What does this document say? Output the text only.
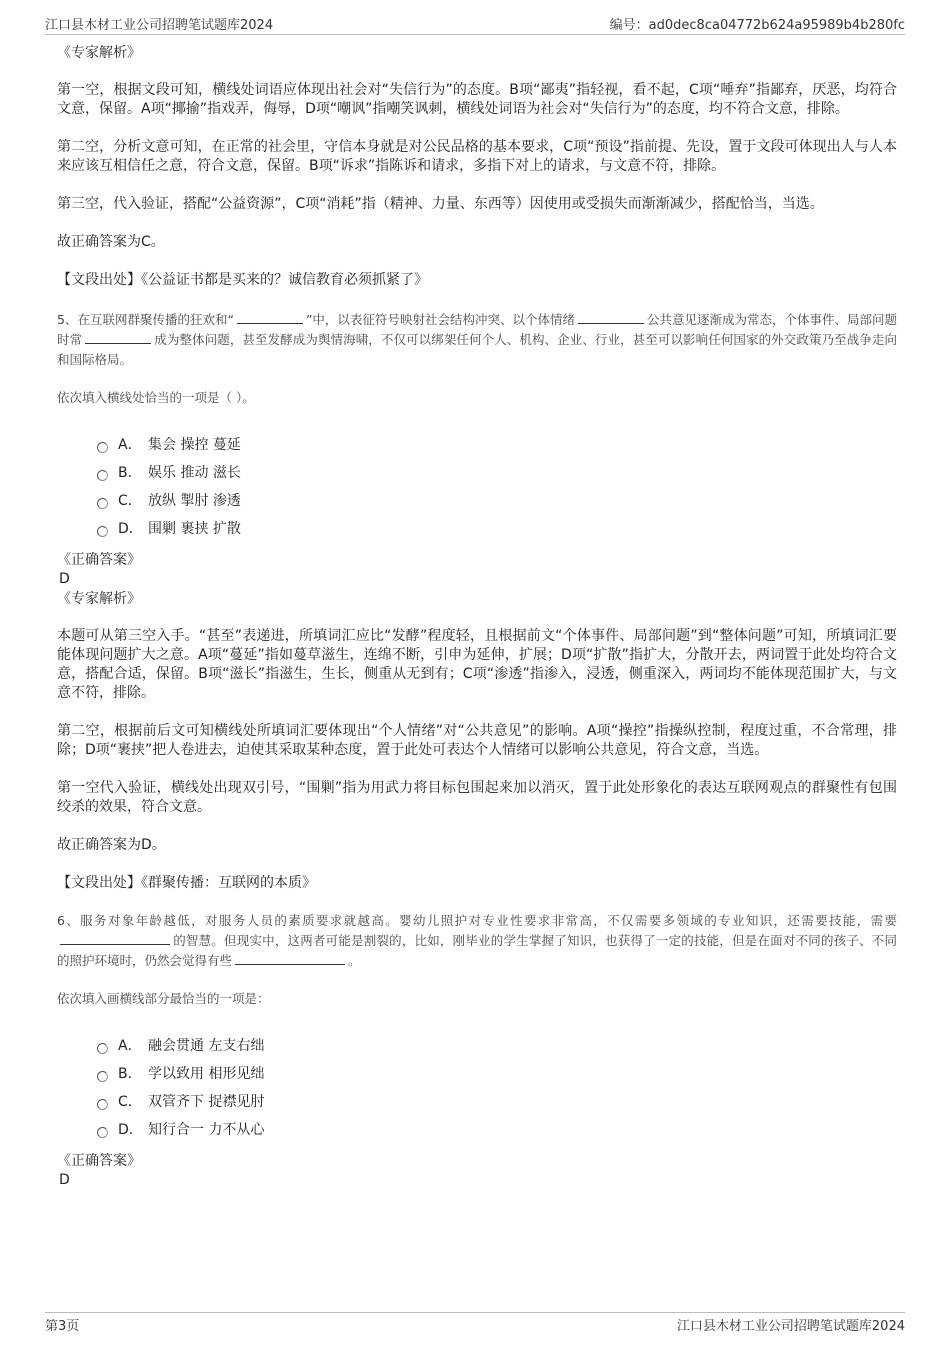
江口县木材工业公司招聘笔试题库2024	编号：ad0dec8ca04772b624a95989b4b280fc
《专家解析》
第一空，根据文段可知，横线处词语应体现出社会对“失信行为”的态度。B项“鄙夷”指轻视，看不起，C项“唾弃”指鄙弃，厌恶，均符合文意，保留。A项“揶揄”指戏弄，侮辱，D项“嘲讽”指嘲笑讽刺，横线处词语为社会对“失信行为”的态度，均不符合文意，排除。
第二空，分析文意可知，在正常的社会里，守信本身就是对公民品格的基本要求，C项“预设”指前提、先设，置于文段可体现出人与人本来应该互相信任之意，符合文意，保留。B项“诉求”指陈诉和请求，多指下对上的请求，与文意不符，排除。
第三空，代入验证，搭配“公益资源”，C项“消耗”指（精神、力量、东西等）因使用或受损失而渐渐减少，搭配恰当，当选。
故正确答案为C。
【文段出处】《公益证书都是买来的？诚信教育必须抓紧了》
5、在互联网群聚传播的狂欢和“	”中，以表征符号映射社会结构冲突、以个体情绪	公共意见逐渐成为常态，个体事件、局部问题时常	成为整体问题，甚至发酵成为舆情海啸，不仅可以绑架任何个人、机构、企业、行业，甚至可以影响任何国家的外交政策乃至战争走向和国际格局。
依次填入横线处恰当的一项是（ ）。
A． 集会 操控 蔓延
B． 娱乐 推动 滋长
C． 放纵 掣肘 渗透
D． 围剿 裹挟 扩散
《正确答案》
D
《专家解析》
本题可从第三空入手。“甚至”表递进，所填词汇应比“发酵”程度轻，且根据前文“个体事件、局部问题”到“整体问题”可知，所填词汇要能体现问题扩大之意。A项“蔓延”指如蔓草滋生，连绵不断，引申为延伸，扩展；D项“扩散”指扩大，分散开去，两词置于此处均符合文意，搭配合适，保留。B项“滋长”指滋生，生长，侧重从无到有；C项“渗透”指渗入，浸透，侧重深入，两词均不能体现范围扩大，与文意不符，排除。
第二空，根据前后文可知横线处所填词汇要体现出“个人情绪”对“公共意见”的影响。A项“操控”指操纵控制，程度过重，不合常理，排除；D项“裹挟”把人卷进去，迫使其采取某种态度，置于此处可表达个人情绪可以影响公共意见，符合文意，当选。
第一空代入验证，横线处出现双引号，“围剿”指为用武力将目标包围起来加以消灭，置于此处形象化的表达互联网观点的群聚性有包围绞杀的效果，符合文意。
故正确答案为D。
【文段出处】《群聚传播：互联网的本质》
6、服务对象年龄越低，对服务人员的素质要求就越高。婴幼儿照护对专业性要求非常高，不仅需要多领域的专业知识，还需要技能，需要的智慧。但现实中，这两者可能是割裂的，比如，刚毕业的学生掌握了知识，也获得了一定的技能，但是在面对不同的孩子、不同的照护环境时，仍然会觉得有些	。
依次填入画横线部分最恰当的一项是：
A． 融会贯通 左支右绌
B． 学以致用 相形见绌
C． 双管齐下 捉襟见肘
D． 知行合一 力不从心
《正确答案》
D
第3页	江口县木材工业公司招聘笔试题库2024
